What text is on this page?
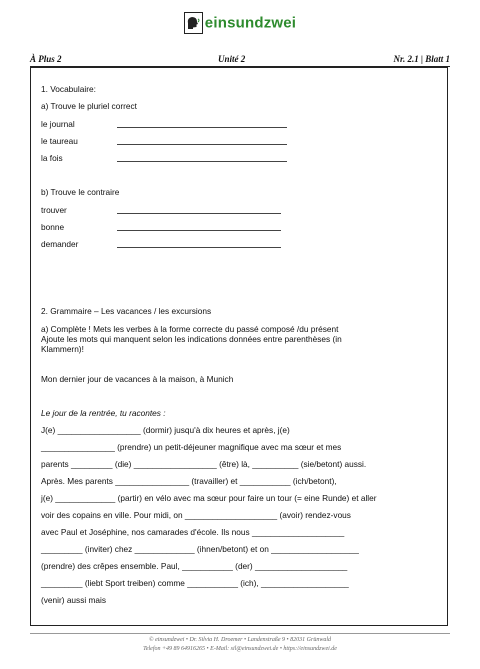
einsundzwei
À Plus 2	Unité 2	Nr. 2.1 | Blatt 1
1. Vocabulaire:
a) Trouve le pluriel correct
le journal
le taureau
la fois
b) Trouve le contraire
trouver
bonne
demander
2. Grammaire – Les vacances / les excursions
a) Complète ! Mets les verbes à la forme correcte du passé composé /du présent
Ajoute les mots qui manquent selon les indications données entre parenthèses (in
Klammern)!
Mon dernier jour de vacances à la maison, à Munich
Le jour de la rentrée, tu racontes :
J(e) __________________ (dormir) jusqu'à dix heures et après, j(e)
________________ (prendre) un petit-déjeuner magnifique avec ma sœur et mes
parents _________ (die) __________________ (être) là, __________ (sie/betont) aussi.
Après. Mes parents ________________ (travailler) et ___________ (ich/betont),
j(e) _____________ (partir) en vélo avec ma sœur pour faire un tour (= eine Runde) et aller
voir des copains en ville. Pour midi, on ____________________ (avoir) rendez-vous
avec Paul et Joséphine, nos camarades d'école. Ils nous ____________________
_________ (inviter) chez _____________ (ihnen/betont) et on ___________________
(prendre) des crêpes ensemble. Paul, ___________ (der) ____________________
_________ (liebt Sport treiben) comme ___________ (ich), ___________________
(venir) aussi mais
© einsundzwei • Dr. Silvia H. Droemer • Landenstraße 9 • 82031 Grünwald
Telefon +49 89 64916265 • E-Mail: sil@einsundzwei.de • https://einsundzwei.de
